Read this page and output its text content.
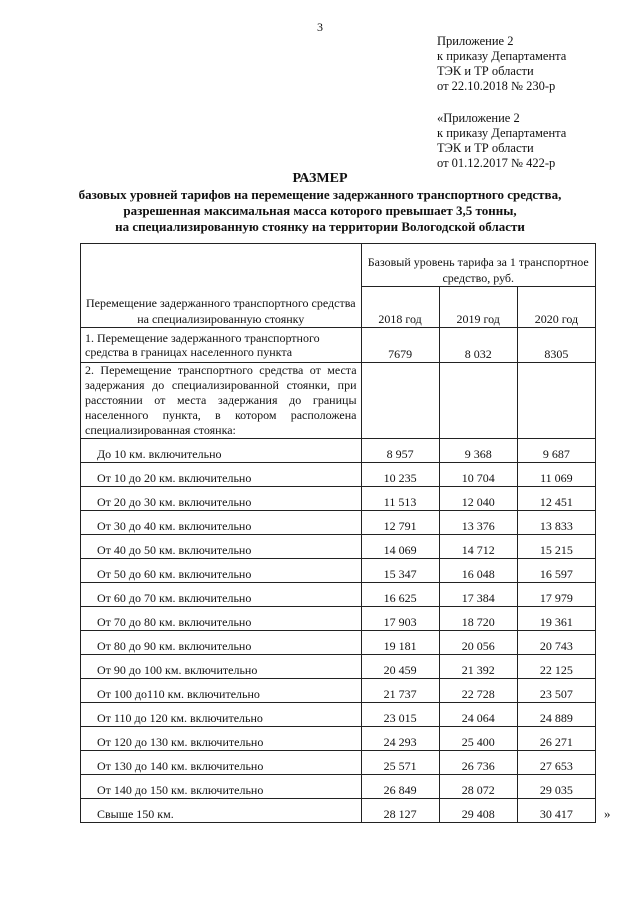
3
Приложение 2
к приказу Департамента
ТЭК и ТР области
от 22.10.2018 № 230-р
«Приложение 2
к приказу Департамента
ТЭК и ТР области
от 01.12.2017 № 422-р
РАЗМЕР
базовых уровней тарифов на перемещение задержанного транспортного средства,
разрешенная максимальная масса которого превышает 3,5 тонны,
на специализированную стоянку на территории Вологодской области
Перемещение задержанного транспортного средства на специализированную стоянку	Базовый уровень тарифа за 1 транспортное средство, руб.		
	2018 год	2019 год	2020 год
1. Перемещение задержанного транспортного средства в границах населенного пункта	7679	8 032	8305
2. Перемещение транспортного средства от места задержания до специализированной стоянки, при расстоянии от места задержания до границы населенного пункта, в котором расположена специализированная стоянка:			
До 10 км. включительно	8 957	9 368	9 687
От 10 до 20 км. включительно	10 235	10 704	11 069
От 20 до 30 км. включительно	11 513	12 040	12 451
От 30 до 40 км. включительно	12 791	13 376	13 833
От 40 до 50 км. включительно	14 069	14 712	15 215
От 50 до 60 км. включительно	15 347	16 048	16 597
От 60 до 70 км. включительно	16 625	17 384	17 979
От 70 до 80 км. включительно	17 903	18 720	19 361
От 80 до 90 км. включительно	19 181	20 056	20 743
От 90 до 100 км. включительно	20 459	21 392	22 125
От 100 до110 км. включительно	21 737	22 728	23 507
От 110 до 120 км. включительно	23 015	24 064	24 889
От 120 до 130 км. включительно	24 293	25 400	26 271
От 130 до 140 км. включительно	25 571	26 736	27 653
От 140 до 150 км. включительно	26 849	28 072	29 035
Свыше 150 км.	28 127	29 408	30 417 »
